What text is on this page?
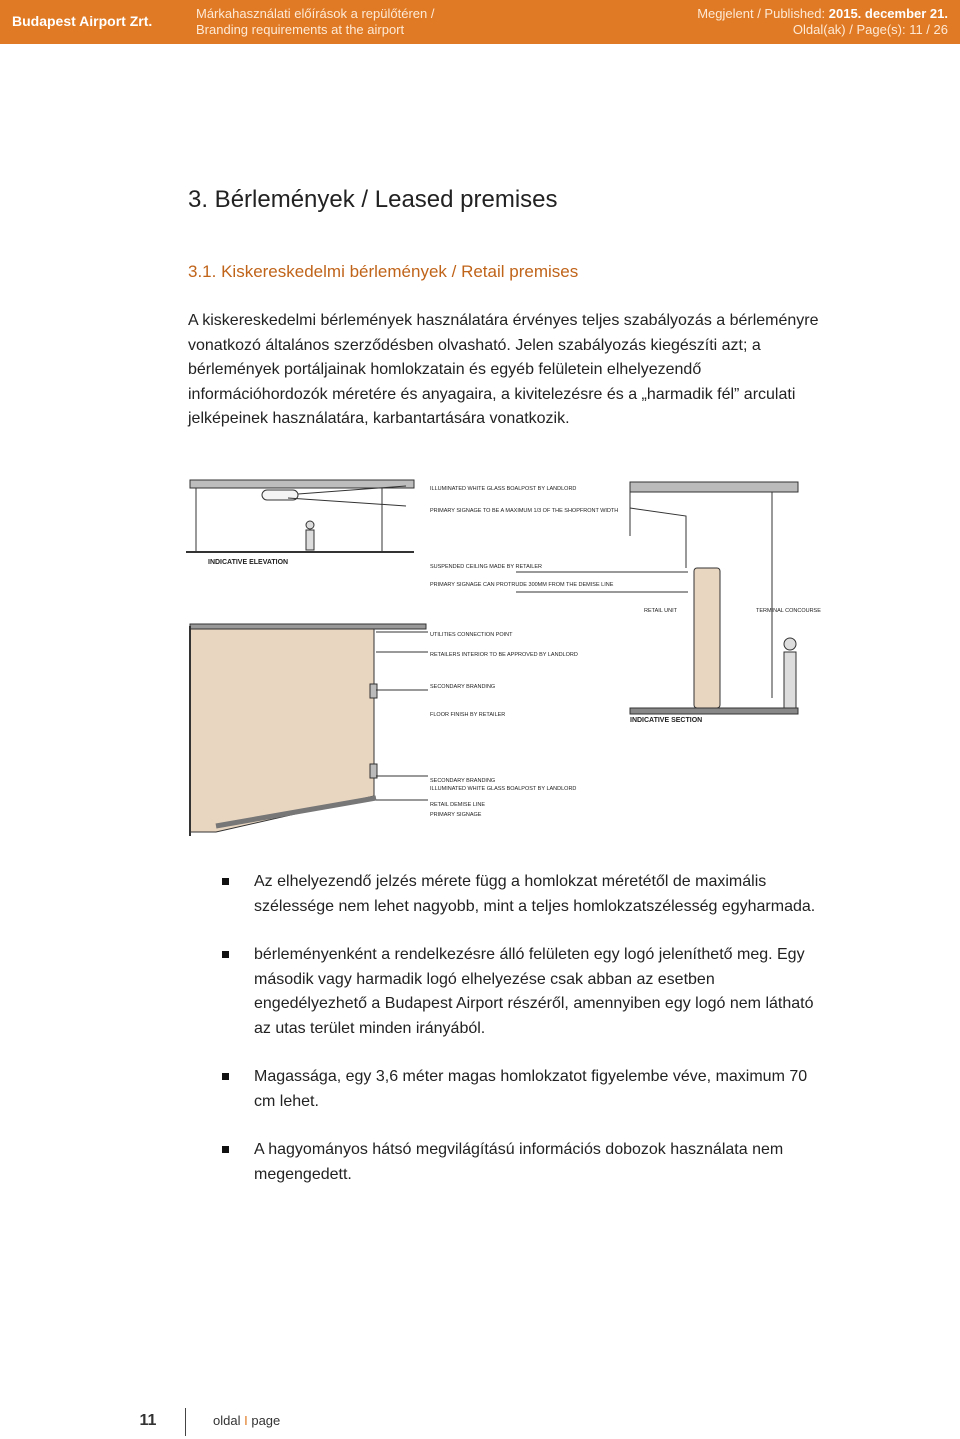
Budapest Airport Zrt.	Márkahasználati előírások a repülőtéren /
Branding requirements at the airport
Megjelent / Published: 2015. december 21.
Oldal(ak) / Page(s): 11 / 26
3. Bérlemények / Leased premises
3.1. Kiskereskedelmi bérlemények / Retail premises

A kiskereskedelmi bérlemények használatára érvényes teljes szabályozás a bérleményre vonatkozó általános szerződésben olvasható. Jelen szabályozás kiegészíti azt; a bérlemények portáljainak homlokzatain és egyéb felületein elhelyezendő információhordozók méretére és anyagaira, a kivitelezésre és a „harmadik fél” arculati jelképeinek használatára, karbantartására vonatkozik.

ILLUMINATED WHITE GLASS BOALPOST BY LANDLORD
PRIMARY SIGNAGE TO BE A MAXIMUM 1/3 OF THE SHOPFRONT WIDTH
INDICATIVE ELEVATION
SUSPENDED CEILING MADE BY RETAILER
PRIMARY SIGNAGE CAN PROTRUDE 300MM FROM THE DEMISE LINE
RETAIL UNIT	TERMINAL CONCOURSE
UTILITIES CONNECTION POINT
RETAILERS INTERIOR TO BE APPROVED BY LANDLORD
SECONDARY BRANDING
FLOOR FINISH BY RETAILER
INDICATIVE SECTION
SECONDARY BRANDING
ILLUMINATED WHITE GLASS BOALPOST BY LANDLORD
RETAIL DEMISE LINE
PRIMARY SIGNAGE
Az elhelyezendő jelzés mérete függ a homlokzat méretétől de maximális szélessége nem lehet nagyobb, mint a teljes homlokzatszélesség egyharmada.
bérleményenként a rendelkezésre álló felületen egy logó jeleníthető meg. Egy második vagy harmadik logó elhelyezése csak abban az esetben engedélyezhető a Budapest Airport részéről, amennyiben egy logó nem látható az utas terület minden irányából.
Magassága, egy 3,6 méter magas homlokzatot figyelembe véve, maximum 70 cm lehet.
A hagyományos hátsó megvilágítású információs dobozok használata nem megengedett.
11	oldal I page
